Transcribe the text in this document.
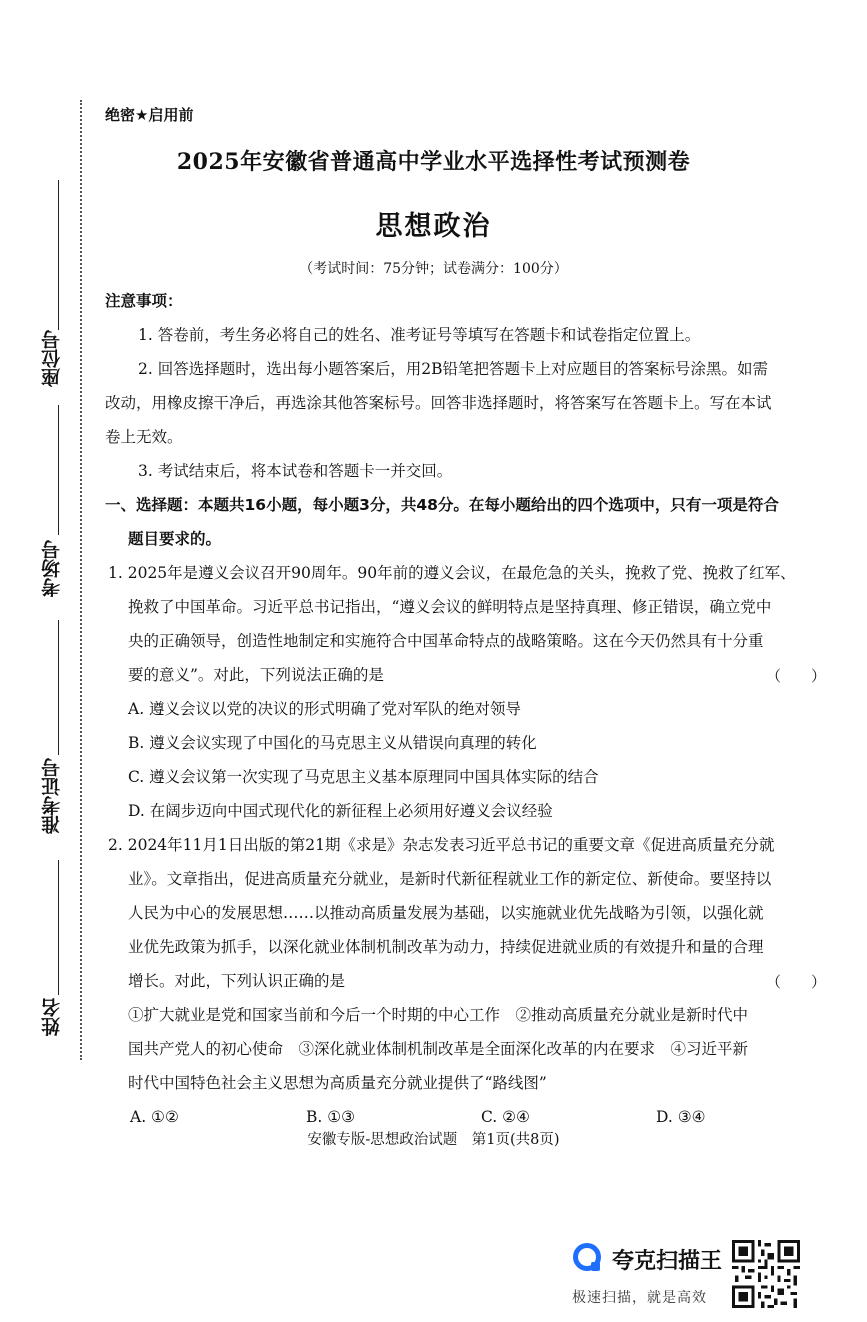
座位号
考场号
准考证号
姓名
绝密★启用前
2025年安徽省普通高中学业水平选择性考试预测卷
思想政治
（考试时间：75分钟；试卷满分：100分）
注意事项：
1. 答卷前，考生务必将自己的姓名、准考证号等填写在答题卡和试卷指定位置上。
2. 回答选择题时，选出每小题答案后，用2B铅笔把答题卡上对应题目的答案标号涂黑。如需
改动，用橡皮擦干净后，再选涂其他答案标号。回答非选择题时，将答案写在答题卡上。写在本试
卷上无效。
3. 考试结束后，将本试卷和答题卡一并交回。
一、选择题：本题共16小题，每小题3分，共48分。在每小题给出的四个选项中，只有一项是符合
题目要求的。
1. 2025年是遵义会议召开90周年。90年前的遵义会议，在最危急的关头，挽救了党、挽救了红军、
挽救了中国革命。习近平总书记指出，“遵义会议的鲜明特点是坚持真理、修正错误，确立党中
央的正确领导，创造性地制定和实施符合中国革命特点的战略策略。这在今天仍然具有十分重
要的意义”。对此，下列说法正确的是	（　　）
A. 遵义会议以党的决议的形式明确了党对军队的绝对领导
B. 遵义会议实现了中国化的马克思主义从错误向真理的转化
C. 遵义会议第一次实现了马克思主义基本原理同中国具体实际的结合
D. 在阔步迈向中国式现代化的新征程上必须用好遵义会议经验
2. 2024年11月1日出版的第21期《求是》杂志发表习近平总书记的重要文章《促进高质量充分就
业》。文章指出，促进高质量充分就业，是新时代新征程就业工作的新定位、新使命。要坚持以
人民为中心的发展思想……以推动高质量发展为基础，以实施就业优先战略为引领，以强化就
业优先政策为抓手，以深化就业体制机制改革为动力，持续促进就业质的有效提升和量的合理
增长。对此，下列认识正确的是	（　　）
①扩大就业是党和国家当前和今后一个时期的中心工作　②推动高质量充分就业是新时代中
国共产党人的初心使命　③深化就业体制机制改革是全面深化改革的内在要求　④习近平新
时代中国特色社会主义思想为高质量充分就业提供了“路线图”
A. ①②	B. ①③	C. ②④	D. ③④
安徽专版-思想政治试题　第1页(共8页)
夸克扫描王
极速扫描，就是高效
